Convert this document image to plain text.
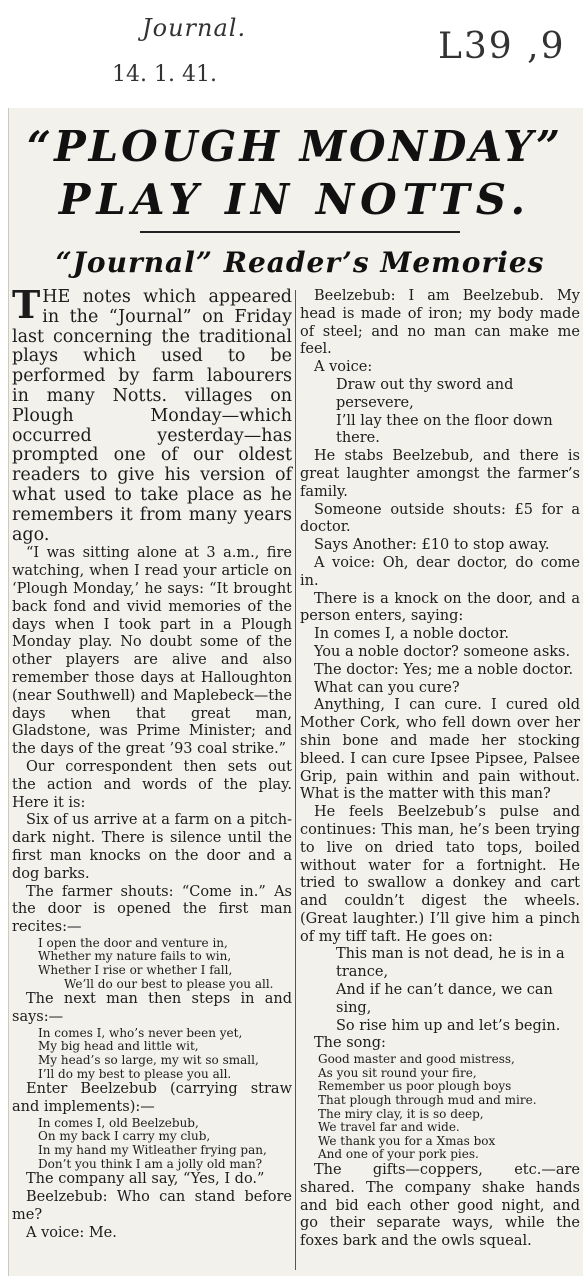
Journal.
14. 1. 41.
L39 ,9
“PLOUGH MONDAY”
PLAY IN NOTTS.
“Journal” Reader’s Memories

THE notes which appeared in the “Journal” on Friday last concerning the traditional plays which used to be performed by farm labourers in many Notts. villages on Plough Monday—which occurred yesterday—has prompted one of our oldest readers to give his version of what used to take place as he remembers it from many years ago.

“I was sitting alone at 3 a.m., fire watching, when I read your article on ‘Plough Monday,’ he says: “It brought back fond and vivid memories of the days when I took part in a Plough Monday play. No doubt some of the other players are alive and also remember those days at Halloughton (near Southwell) and Maplebeck—the days when that great man, Gladstone, was Prime Minister; and the days of the great ’93 coal strike.”

Our correspondent then sets out the action and words of the play. Here it is:

Six of us arrive at a farm on a pitch-dark night. There is silence until the first man knocks on the door and a dog barks.

The farmer shouts: “Come in.” As the door is opened the first man recites:—

I open the door and venture in,

Whether my nature fails to win,

Whether I rise or whether I fall,

We’ll do our best to please you all.

The next man then steps in and says:—

In comes I, who’s never been yet,

My big head and little wit,

My head’s so large, my wit so small,

I’ll do my best to please you all.

Enter Beelzebub (carrying straw and implements):—

In comes I, old Beelzebub,

On my back I carry my club,

In my hand my Witleather frying pan,

Don’t you think I am a jolly old man?

The company all say, “Yes, I do.”

Beelzebub: Who can stand before me?

A voice: Me.

Beelzebub: I am Beelzebub. My head is made of iron; my body made of steel; and no man can make me feel.

A voice:

Draw out thy sword and persevere,

I’ll lay thee on the floor down there.

He stabs Beelzebub, and there is great laughter amongst the farmer’s family.

Someone outside shouts: £5 for a doctor.

Says Another: £10 to stop away.

A voice: Oh, dear doctor, do come in.

There is a knock on the door, and a person enters, saying:

In comes I, a noble doctor.

You a noble doctor? someone asks.

The doctor: Yes; me a noble doctor.

What can you cure?

Anything, I can cure. I cured old Mother Cork, who fell down over her shin bone and made her stocking bleed. I can cure Ipsee Pipsee, Palsee Grip, pain within and pain without. What is the matter with this man?

He feels Beelzebub’s pulse and continues: This man, he’s been trying to live on dried tato tops, boiled without water for a fortnight. He tried to swallow a donkey and cart and couldn’t digest the wheels. (Great laughter.) I’ll give him a pinch of my tiff taft. He goes on:

This man is not dead, he is in a trance,

And if he can’t dance, we can sing,

So rise him up and let’s begin.

The song:

Good master and good mistress,

As you sit round your fire,

Remember us poor plough boys

That plough through mud and mire.

The miry clay, it is so deep,

We travel far and wide.

We thank you for a Xmas box

And one of your pork pies.

The gifts—coppers, etc.—are shared. The company shake hands and bid each other good night, and go their separate ways, while the foxes bark and the owls squeal.
